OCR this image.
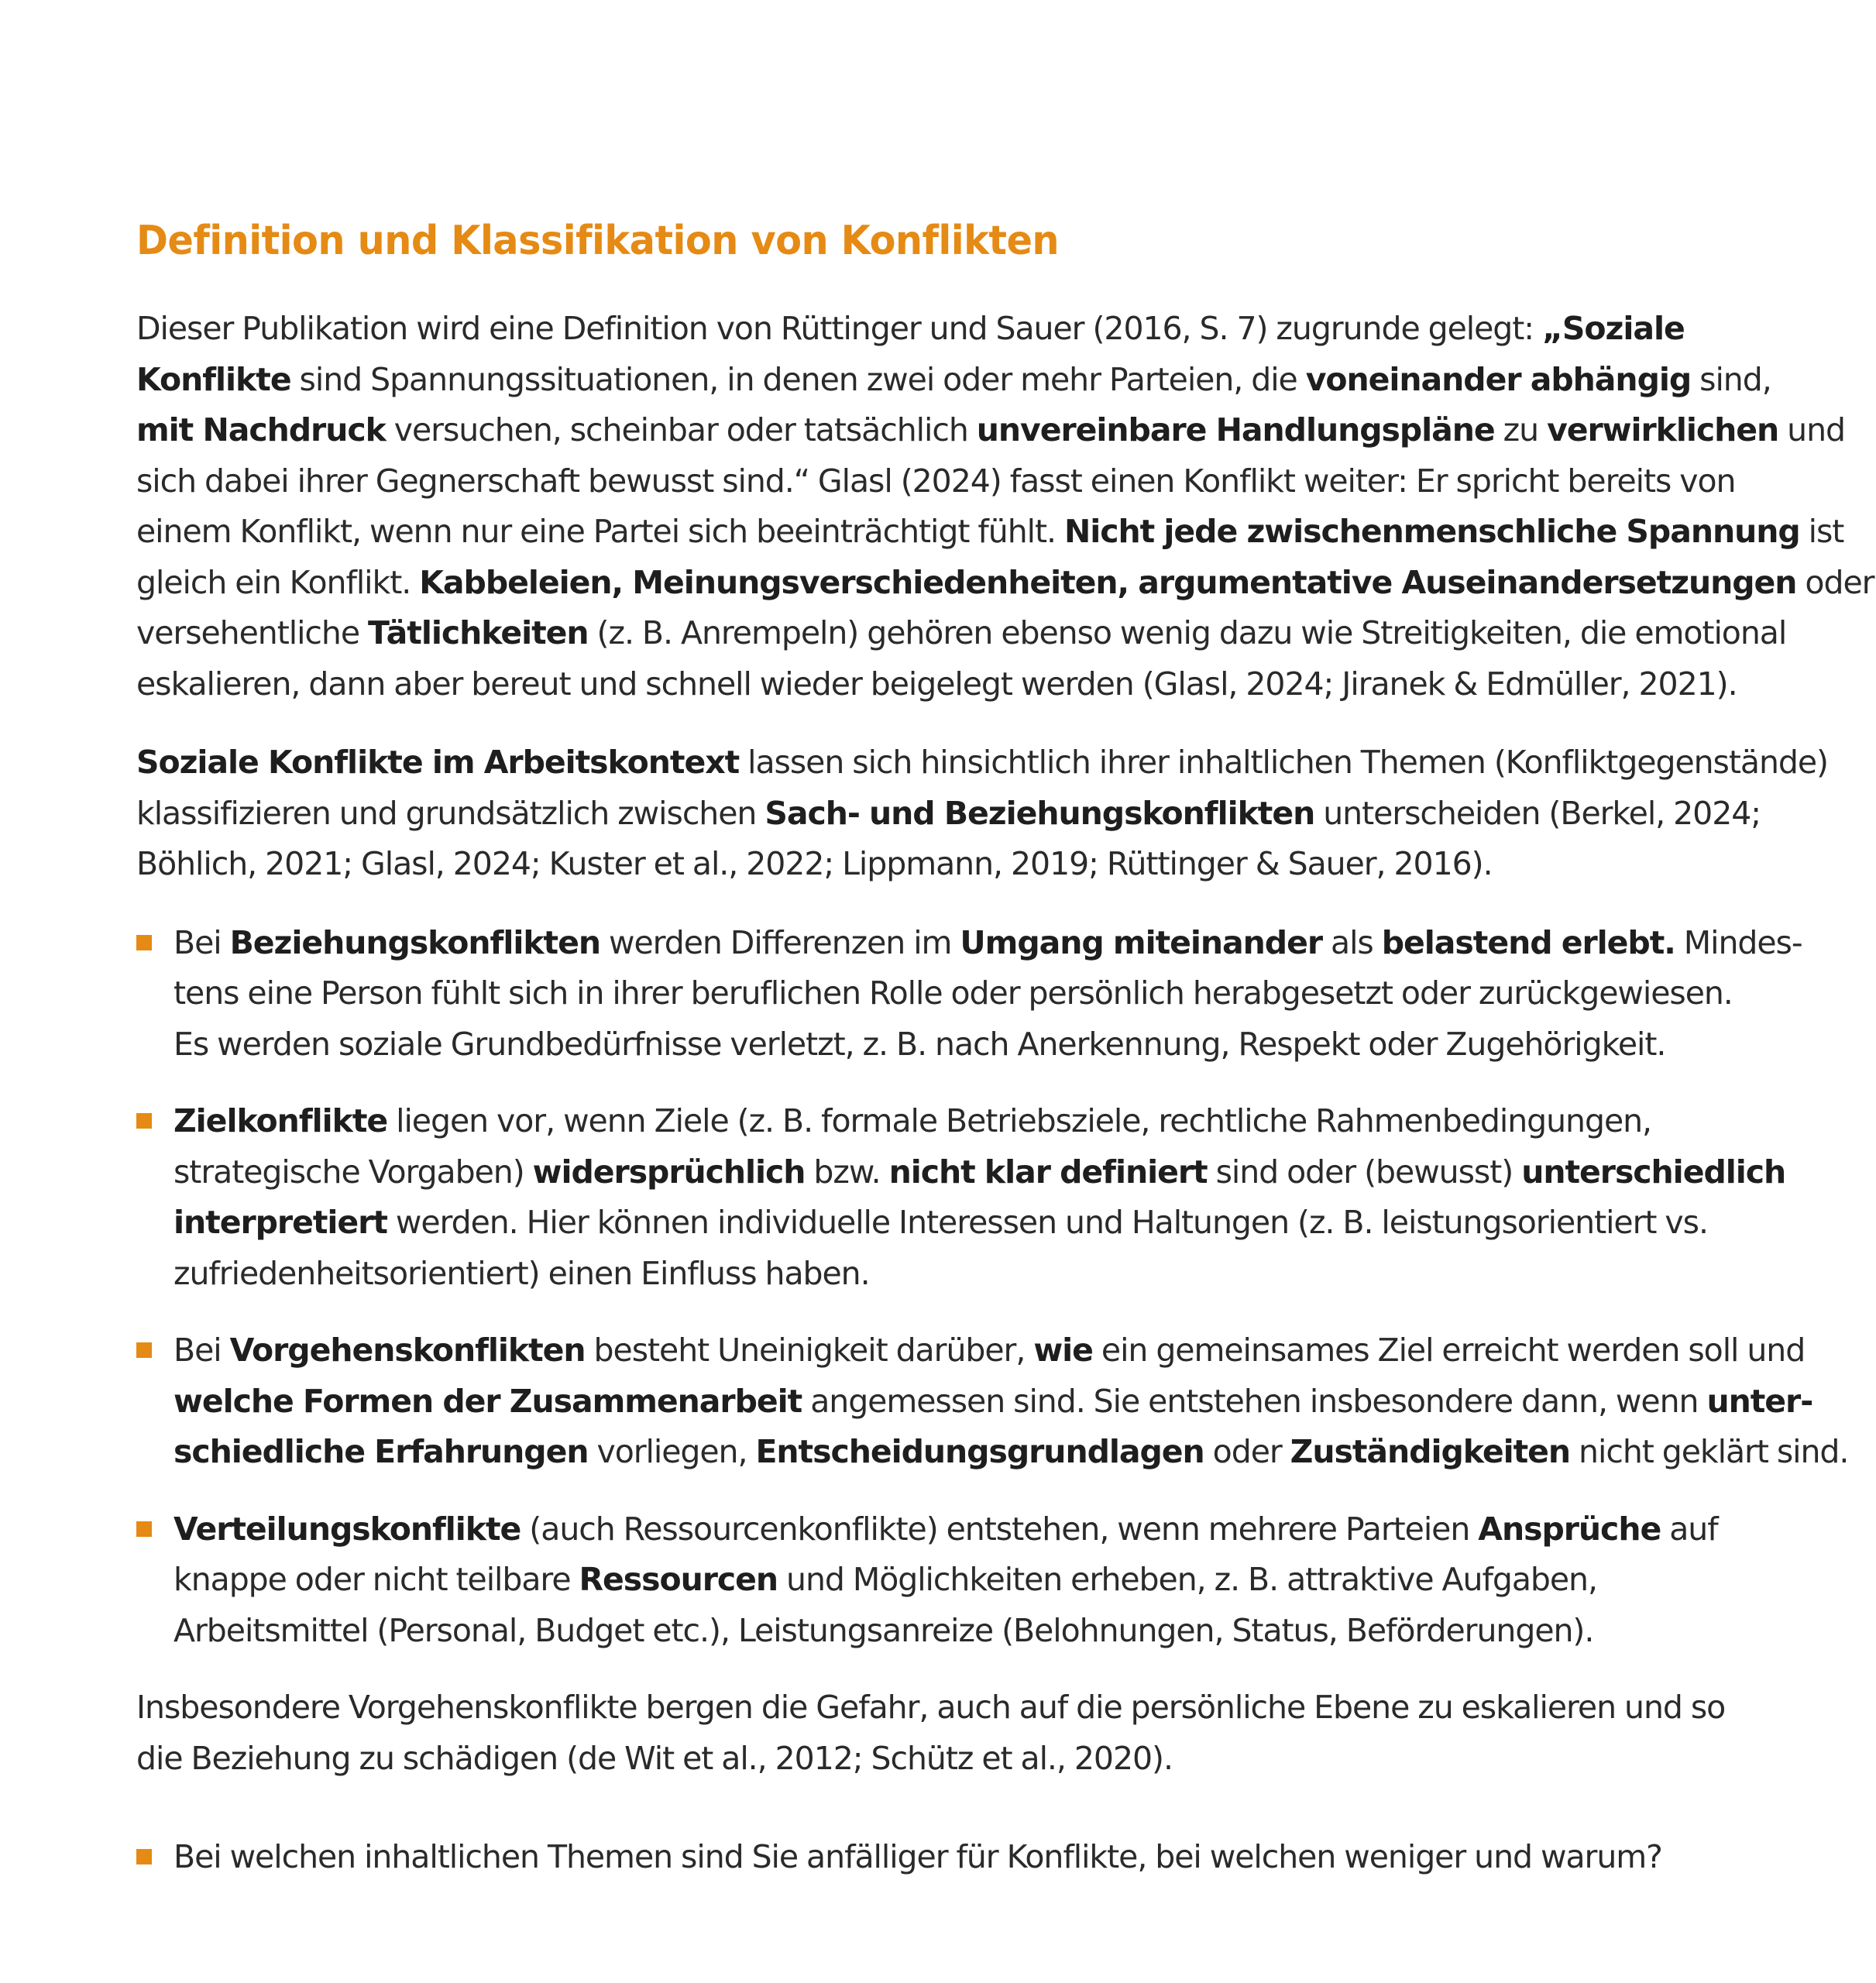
Definition und Klassifikation von Konflikten

Dieser Publikation wird eine Definition von Rüttinger und Sauer (2016, S. 7) zugrunde gelegt: „Soziale
Konflikte sind Spannungssituationen, in denen zwei oder mehr Parteien, die voneinander abhängig sind,
mit Nachdruck versuchen, scheinbar oder tatsächlich unvereinbare Handlungspläne zu verwirklichen und
sich dabei ihrer Gegnerschaft bewusst sind.“ Glasl (2024) fasst einen Konflikt weiter: Er spricht bereits von
einem Konflikt, wenn nur eine Partei sich beeinträchtigt fühlt. Nicht jede zwischenmenschliche Spannung ist
gleich ein Konflikt. Kabbeleien, Meinungsverschiedenheiten, argumentative Auseinandersetzungen oder
versehentliche Tätlichkeiten (z. B. Anrempeln) gehören ebenso wenig dazu wie Streitigkeiten, die emotional
eskalieren, dann aber bereut und schnell wieder beigelegt werden (Glasl, 2024; Jiranek & Edmüller, 2021).

Soziale Konflikte im Arbeitskontext lassen sich hinsichtlich ihrer inhaltlichen Themen (Konfliktgegenstände)
klassifizieren und grundsätzlich zwischen Sach- und Beziehungskonflikten unterscheiden (Berkel, 2024;
Böhlich, 2021; Glasl, 2024; Kuster et al., 2022; Lippmann, 2019; Rüttinger & Sauer, 2016).

Bei Beziehungskonflikten werden Differenzen im Umgang miteinander als belastend erlebt. Mindes-
tens eine Person fühlt sich in ihrer beruflichen Rolle oder persönlich herabgesetzt oder zurückgewiesen.
Es werden soziale Grundbedürfnisse verletzt, z. B. nach Anerkennung, Respekt oder Zugehörigkeit.
Zielkonflikte liegen vor, wenn Ziele (z. B. formale Betriebsziele, rechtliche Rahmenbedingungen,
strategische Vorgaben) widersprüchlich bzw. nicht klar definiert sind oder (bewusst) unterschiedlich
interpretiert werden. Hier können individuelle Interessen und Haltungen (z. B. leistungsorientiert vs.
zufriedenheitsorientiert) einen Einfluss haben.
Bei Vorgehenskonflikten besteht Uneinigkeit darüber, wie ein gemeinsames Ziel erreicht werden soll und
welche Formen der Zusammenarbeit angemessen sind. Sie entstehen insbesondere dann, wenn unter-
schiedliche Erfahrungen vorliegen, Entscheidungsgrundlagen oder Zuständigkeiten nicht geklärt sind.
Verteilungskonflikte (auch Ressourcenkonflikte) entstehen, wenn mehrere Parteien Ansprüche auf
knappe oder nicht teilbare Ressourcen und Möglichkeiten erheben, z. B. attraktive Aufgaben,
Arbeitsmittel (Personal, Budget etc.), Leistungsanreize (Belohnungen, Status, Beförderungen).

Insbesondere Vorgehenskonflikte bergen die Gefahr, auch auf die persönliche Ebene zu eskalieren und so
die Beziehung zu schädigen (de Wit et al., 2012; Schütz et al., 2020).

Bei welchen inhaltlichen Themen sind Sie anfälliger für Konflikte, bei welchen weniger und warum?
